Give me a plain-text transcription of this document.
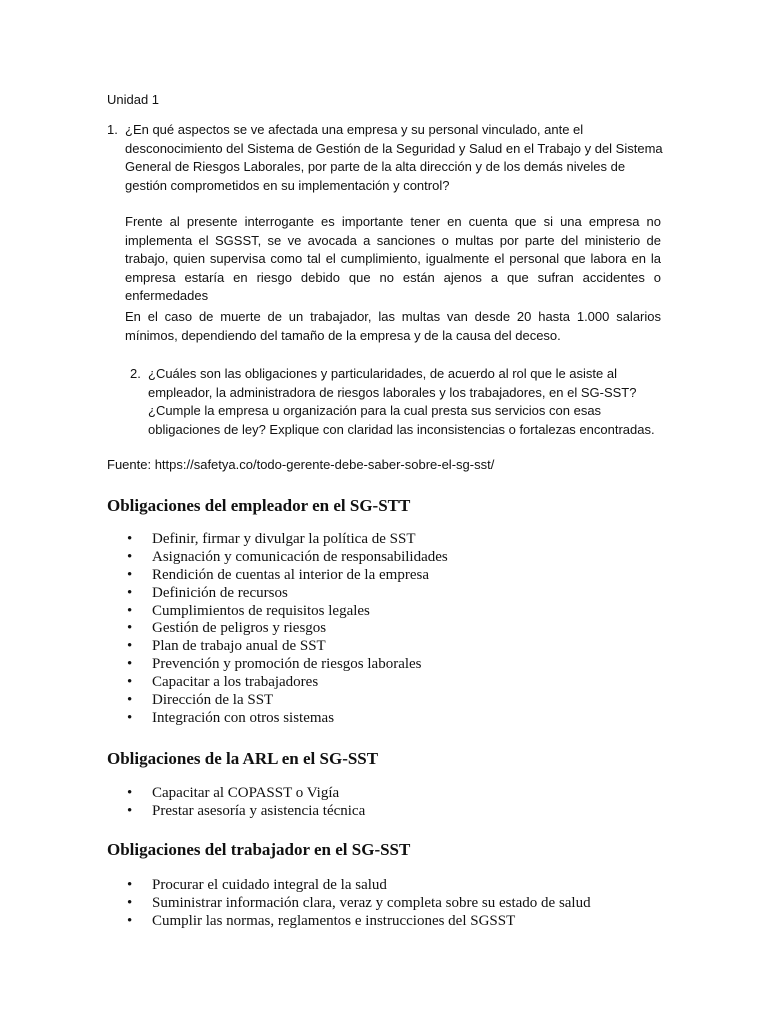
Unidad 1
1. ¿En qué aspectos se ve afectada una empresa y su personal vinculado, ante el desconocimiento del Sistema de Gestión de la Seguridad y Salud en el Trabajo y del Sistema General de Riesgos Laborales, por parte de la alta dirección y de los demás niveles de gestión comprometidos en su implementación y control?

Frente al presente interrogante es importante tener en cuenta que si una empresa no implementa el SGSST, se ve avocada a sanciones o multas por parte del ministerio de trabajo, quien supervisa como tal el cumplimiento, igualmente el personal que labora en la empresa estaría en riesgo debido que no están ajenos a que sufran accidentes o enfermedades

En el caso de muerte de un trabajador, las multas van desde 20 hasta 1.000 salarios mínimos, dependiendo del tamaño de la empresa y de la causa del deceso.

2. ¿Cuáles son las obligaciones y particularidades, de acuerdo al rol que le asiste al empleador, la administradora de riesgos laborales y los trabajadores, en el SG-SST? ¿Cumple la empresa u organización para la cual presta sus servicios con esas obligaciones de ley? Explique con claridad las inconsistencias o fortalezas encontradas.
Fuente: https://safetya.co/todo-gerente-debe-saber-sobre-el-sg-sst/
Obligaciones del empleador en el SG-STT
• Definir, firmar y divulgar la política de SST
• Asignación y comunicación de responsabilidades
• Rendición de cuentas al interior de la empresa
• Definición de recursos
• Cumplimientos de requisitos legales
• Gestión de peligros y riesgos
• Plan de trabajo anual de SST
• Prevención y promoción de riesgos laborales
• Capacitar a los trabajadores
• Dirección de la SST
• Integración con otros sistemas
Obligaciones de la ARL en el SG-SST
• Capacitar al COPASST o Vigía
• Prestar asesoría y asistencia técnica
Obligaciones del trabajador en el SG-SST
• Procurar el cuidado integral de la salud
• Suministrar información clara, veraz y completa sobre su estado de salud
• Cumplir las normas, reglamentos e instrucciones del SGSST
